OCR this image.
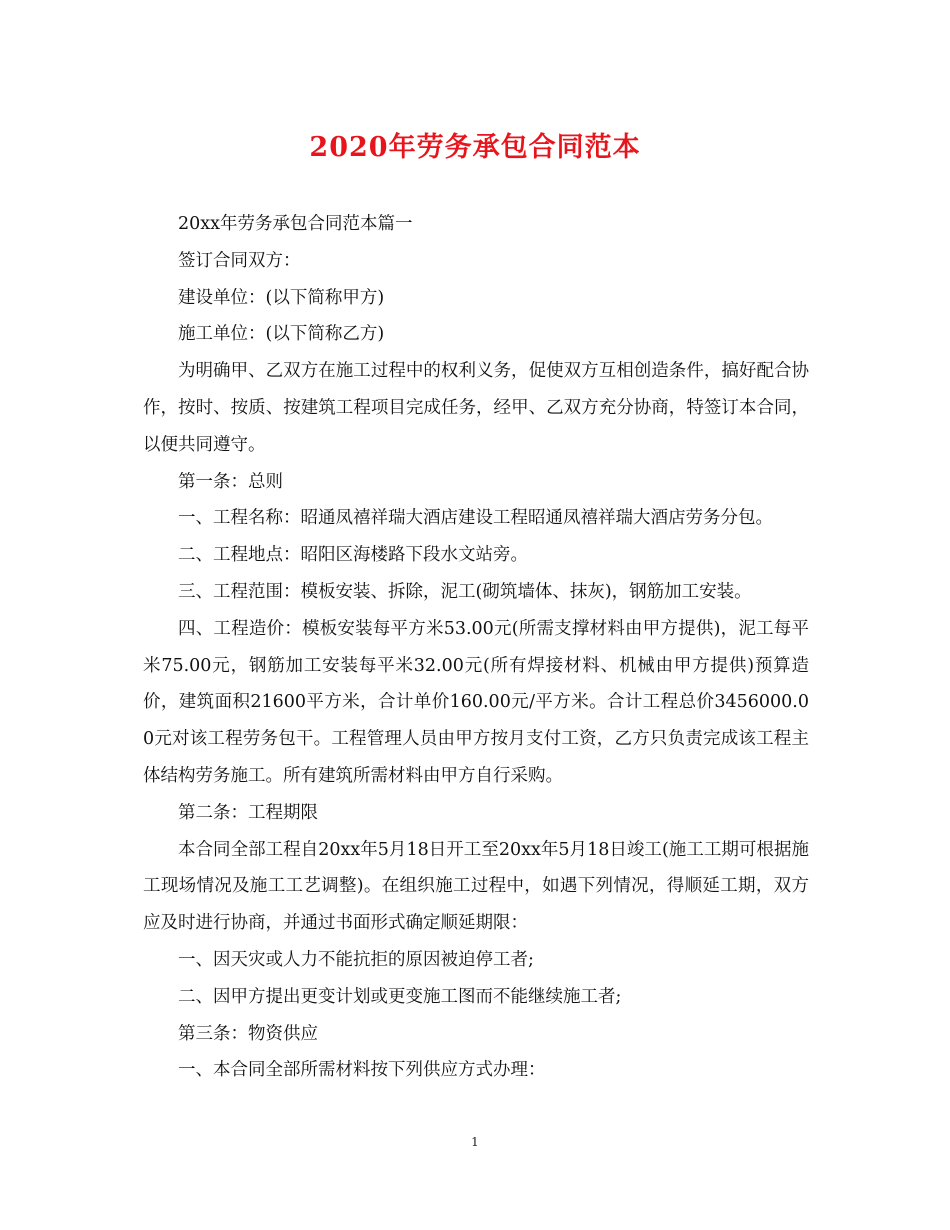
2020年劳务承包合同范本

20xx年劳务承包合同范本篇一

签订合同双方：

建设单位：(以下简称甲方)

施工单位：(以下简称乙方)

为明确甲、乙双方在施工过程中的权利义务，促使双方互相创造条件，搞好配合协作，按时、按质、按建筑工程项目完成任务，经甲、乙双方充分协商，特签订本合同，以便共同遵守。

第一条：总则

一、工程名称：昭通凤禧祥瑞大酒店建设工程昭通凤禧祥瑞大酒店劳务分包。

二、工程地点：昭阳区海楼路下段水文站旁。

三、工程范围：模板安装、拆除，泥工(砌筑墙体、抹灰)，钢筋加工安装。

四、工程造价：模板安装每平方米53.00元(所需支撑材料由甲方提供)，泥工每平米75.00元，钢筋加工安装每平米32.00元(所有焊接材料、机械由甲方提供)预算造价，建筑面积21600平方米，合计单价160.00元/平方米。合计工程总价3456000.00元对该工程劳务包干。工程管理人员由甲方按月支付工资，乙方只负责完成该工程主体结构劳务施工。所有建筑所需材料由甲方自行采购。

第二条：工程期限

本合同全部工程自20xx年5月18日开工至20xx年5月18日竣工(施工工期可根据施工现场情况及施工工艺调整)。在组织施工过程中，如遇下列情况，得顺延工期，双方应及时进行协商，并通过书面形式确定顺延期限：

一、因天灾或人力不能抗拒的原因被迫停工者;

二、因甲方提出更变计划或更变施工图而不能继续施工者;

第三条：物资供应

一、本合同全部所需材料按下列供应方式办理：

1
